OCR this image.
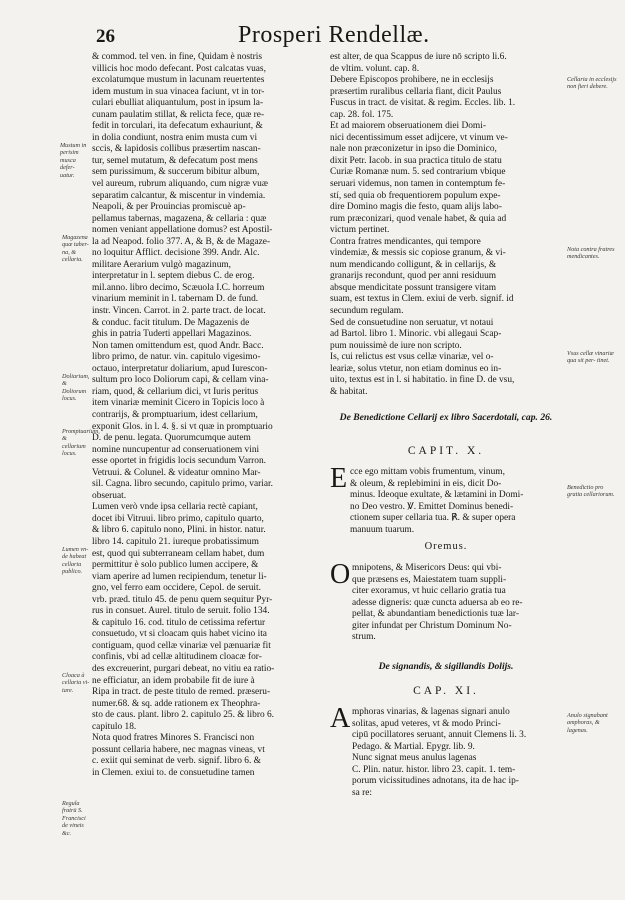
26	Prosperi Rendellæ.
& commod. tel ven. in fine, Quidam è nostris
villicis hoc modo defecant. Post calcatas vuas,
excolatumque mustum in lacunam reuertentes
idem mustum in sua vinacea faciunt, vt in tor-
culari ebulliat aliquantulum, post in ipsum la-
cunam paulatim stillat, & relicta fece, quæ re-
fedit in torculari, ita defecatum exhauriunt, &
in dolia condiunt, nostra enim musta cum vi
sccis, & lapidosis collibus præsertim nascan-
tur, semel mutatum, & defecatum post mens
sem purissimum, & succerum bibitur album,
vel aureum, rubrum aliquando, cum nigræ vuæ
separatim calcantur, & miscentur in vindemia.
Neapoli, & per Prouincias promiscuè ap-
pellamus tabernas, magazena, & cellaria : quæ
nomen veniant appellatione domus? est Apostil-
la ad Neapod. folio 377. A, & B, & de Magaze-
no loquitur Afflict. decisione 399. Andr. Alc.
militare Aerarium vulgò magazinum,
interpretatur in l. septem diebus C. de erog.
mil.anno. libro decimo, Scæuola I.C. horreum
vinarium meminit in l. tabernam D. de fund.
instr. Vincen. Carrot. in 2. parte tract. de locat.
& conduc. facit titulum. De Magazenis de
ghis in patria Tuderti appellari Magazinos.
Non tamen omittendum est, quod Andr. Bacc.
libro primo, de natur. vin. capitulo vigesimo-
octauo, interpretatur doliarium, apud Iurescon-
sultum pro loco Doliorum capi, & cellam vina-
riam, quod, & cellarium dici, vt Iuris peritus
item vinariæ meminit Cicero in Topicis loco à
contrarijs, & promptuarium, idest cellarium,
exponit Glos. in l. 4. §. si vt quæ in promptuario
D. de penu. legata. Quorumcumque autem
nomine nuncupentur ad conseruationem vini
esse oportet in frigidis locis secundum Varron.
Vetruui. & Colunel. & videatur omnino Mar-
sil. Cagna. libro secundo, capitulo primo, variar.
obseruat.
Lumen verò vnde ipsa cellaria rectè capiant,
docet ibi Vitruui. libro primo, capitulo quarto,
& libro 6. capitulo nono, Plini. in histor. natur.
libro 14. capitulo 21. iureque probatissimum
est, quod qui subterraneam cellam habet, dum
permittitur è solo publico lumen accipere, &
viam aperire ad lumen recipiendum, tenetur li-
gno, vel ferro eam occidere, Cepol. de seruit.
vrb. præd. titulo 45. de penu quem sequitur Pyr-
rus in consuet. Aurel. titulo de seruit. folio 134.
& capitulo 16. cod. titulo de cetissima refertur
consuetudo, vt si cloacam quis habet vicino ita
contiguam, quod cellæ vinariæ vel pænuariæ fit
confinis, vbi ad cellæ altitudinem cloacæ for-
des excreuerint, purgari debeat, no vitiu ea ratio-
ne efficiatur, an idem probabile fit de iure à
Ripa in tract. de peste titulo de remed. præseru-
numer.68. & sq. adde rationem ex Theophra-
sto de caus. plant. libro 2. capitulo 25. & libro 6.
capitulo 18.
Nota quod fratres Minores S. Francisci non
possunt cellaria habere, nec magnas vineas, vt
c. exiit qui seminat de verb. signif. libro 6. &
in Clemen. exiui to. de consuetudine tamen
est alter, de qua Scappus de iure nō scripto li.6.
de vltim. volunt. cap. 8.
Debere Episcopos prohibere, ne in ecclesijs
præsertim ruralibus cellaria fiant, dicit Paulus
Fuscus in tract. de visitat. & regim. Eccles. lib. 1.
cap. 28. fol. 175.
Et ad maiorem obseruationem diei Domi-
nici decentissimum esset adijcere, vt vinum ve-
nale non præconizetur in ipso die Dominico,
dixit Petr. Iacob. in sua practica titulo de statu
Curiæ Romanæ num. 5. sed contrarium vbique
seruari videmus, non tamen in contemptum fe-
stí, sed quia ob frequentiorem populum expe-
dire Domino magis die festo, quam alijs labo-
rum præconizari, quod venale habet, & quia ad
victum pertinet.
Contra fratres mendicantes, qui tempore
vindemiæ, & messis sic copiose granum, & vi-
num mendicando colligunt, & in cellarijs, &
granarijs recondunt, quod per anni residuum
absque mendicitate possunt transigere vitam
suam, est textus in Clem. exiui de verb. signif. id
secundum regulam.
Sed de consuetudine non seruatur, vt notaui
ad Bartol. libro 1. Minoric. vbi allegaui Scap-
pum nouissimè de iure non scripto.
Is, cui relictus est vsus cellæ vinariæ, vel o-
leariæ, solus vtetur, non etiam dominus eo in-
uito, textus est in l. si habitatio. in fine D. de vsu,
& habitat.
De Benedictione Cellarij ex libro Sacerdotali, cap. 26.
CAPIT. X.
E cce ego mittam vobis frumentum, vinum,
& oleum, & replebimini in eis, dicit Do-
minus. Ideoque exultate, & lætamini in Domi-
no Deo vestro. ℣. Emittet Dominus benedi-
ctionem super cellaria tua. ℟. & super opera
manuum tuarum.
Oremus.
O mnipotens, & Misericors Deus: qui vbi-
que præsens es, Maiestatem tuam suppli-
citer exoramus, vt huic cellario gratia tua
adesse digneris: quæ cuncta aduersa ab eo re-
pellat, & abundantiam benedictionis tuæ lar-
giter infundat per Christum Dominum No-
strum.
De signandis, & sigillandis Dolijs.
CAP. XI.
A mphoras vinarias, & lagenas signari anulo
solitas, apud veteres, vt & modo Princi-
cipū pocillatores seruant, annuit Clemens li. 3.
Pedago. & Martial. Epygr. lib. 9.
Nunc signat meus anulus lagenas
C. Plin. natur. histor. libro 23. capit. 1. tem-
porum vicissitudines adnotans, ita de hac ip-
sa re:
Mustum in perisim musca defer- uatur.
Magazena quæ taber- na, & cellaria.
Doliarium, & Doliorum locus.
Promptuarium, & cellarium locus.
Lumen vn- de habeat cellaria publico.
Cloaca à cellaria vi- tare.
Regula fratrū S. Francisci de vineis &c.
Cellaria in ecclesijs non fieri debere.
Nota contra fratres mendicantes.
Vsus cellæ vinariæ qua sit per- tinet.
Benedictio pro gratia cellariorum.
Anulo signabant amphoras, & lagenas.
